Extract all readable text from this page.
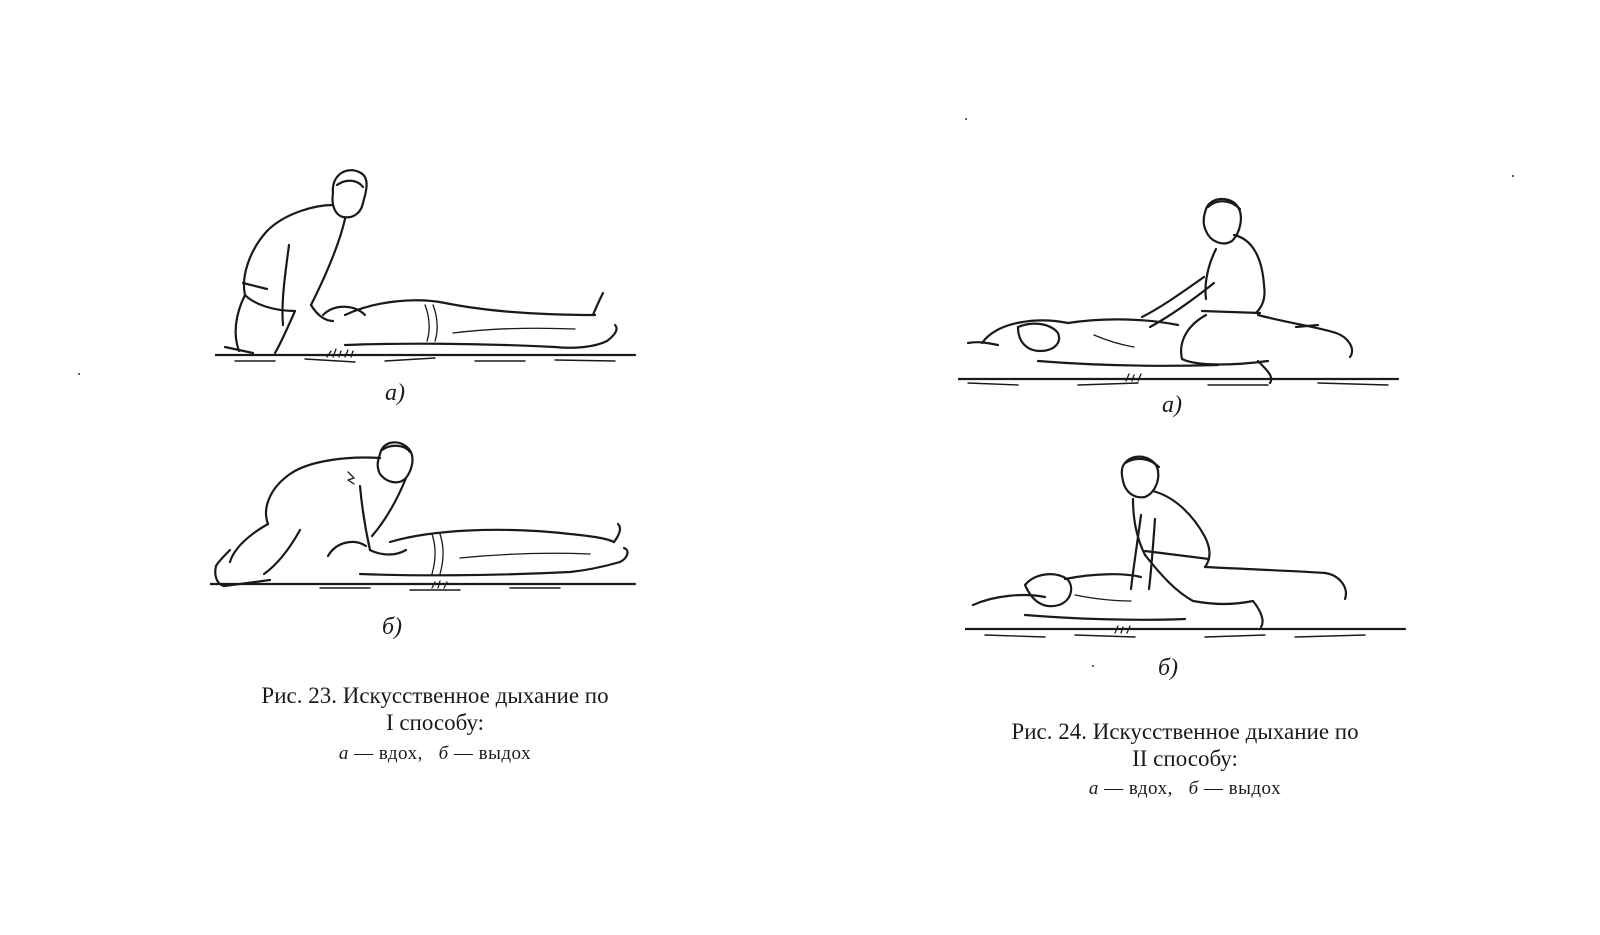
а)
б)
Рис. 23. Искусственное дыхание по
I способу:
а — вдох, б — выдох
а)
б)
Рис. 24. Искусственное дыхание по
II способу:
а — вдох, б — выдох
